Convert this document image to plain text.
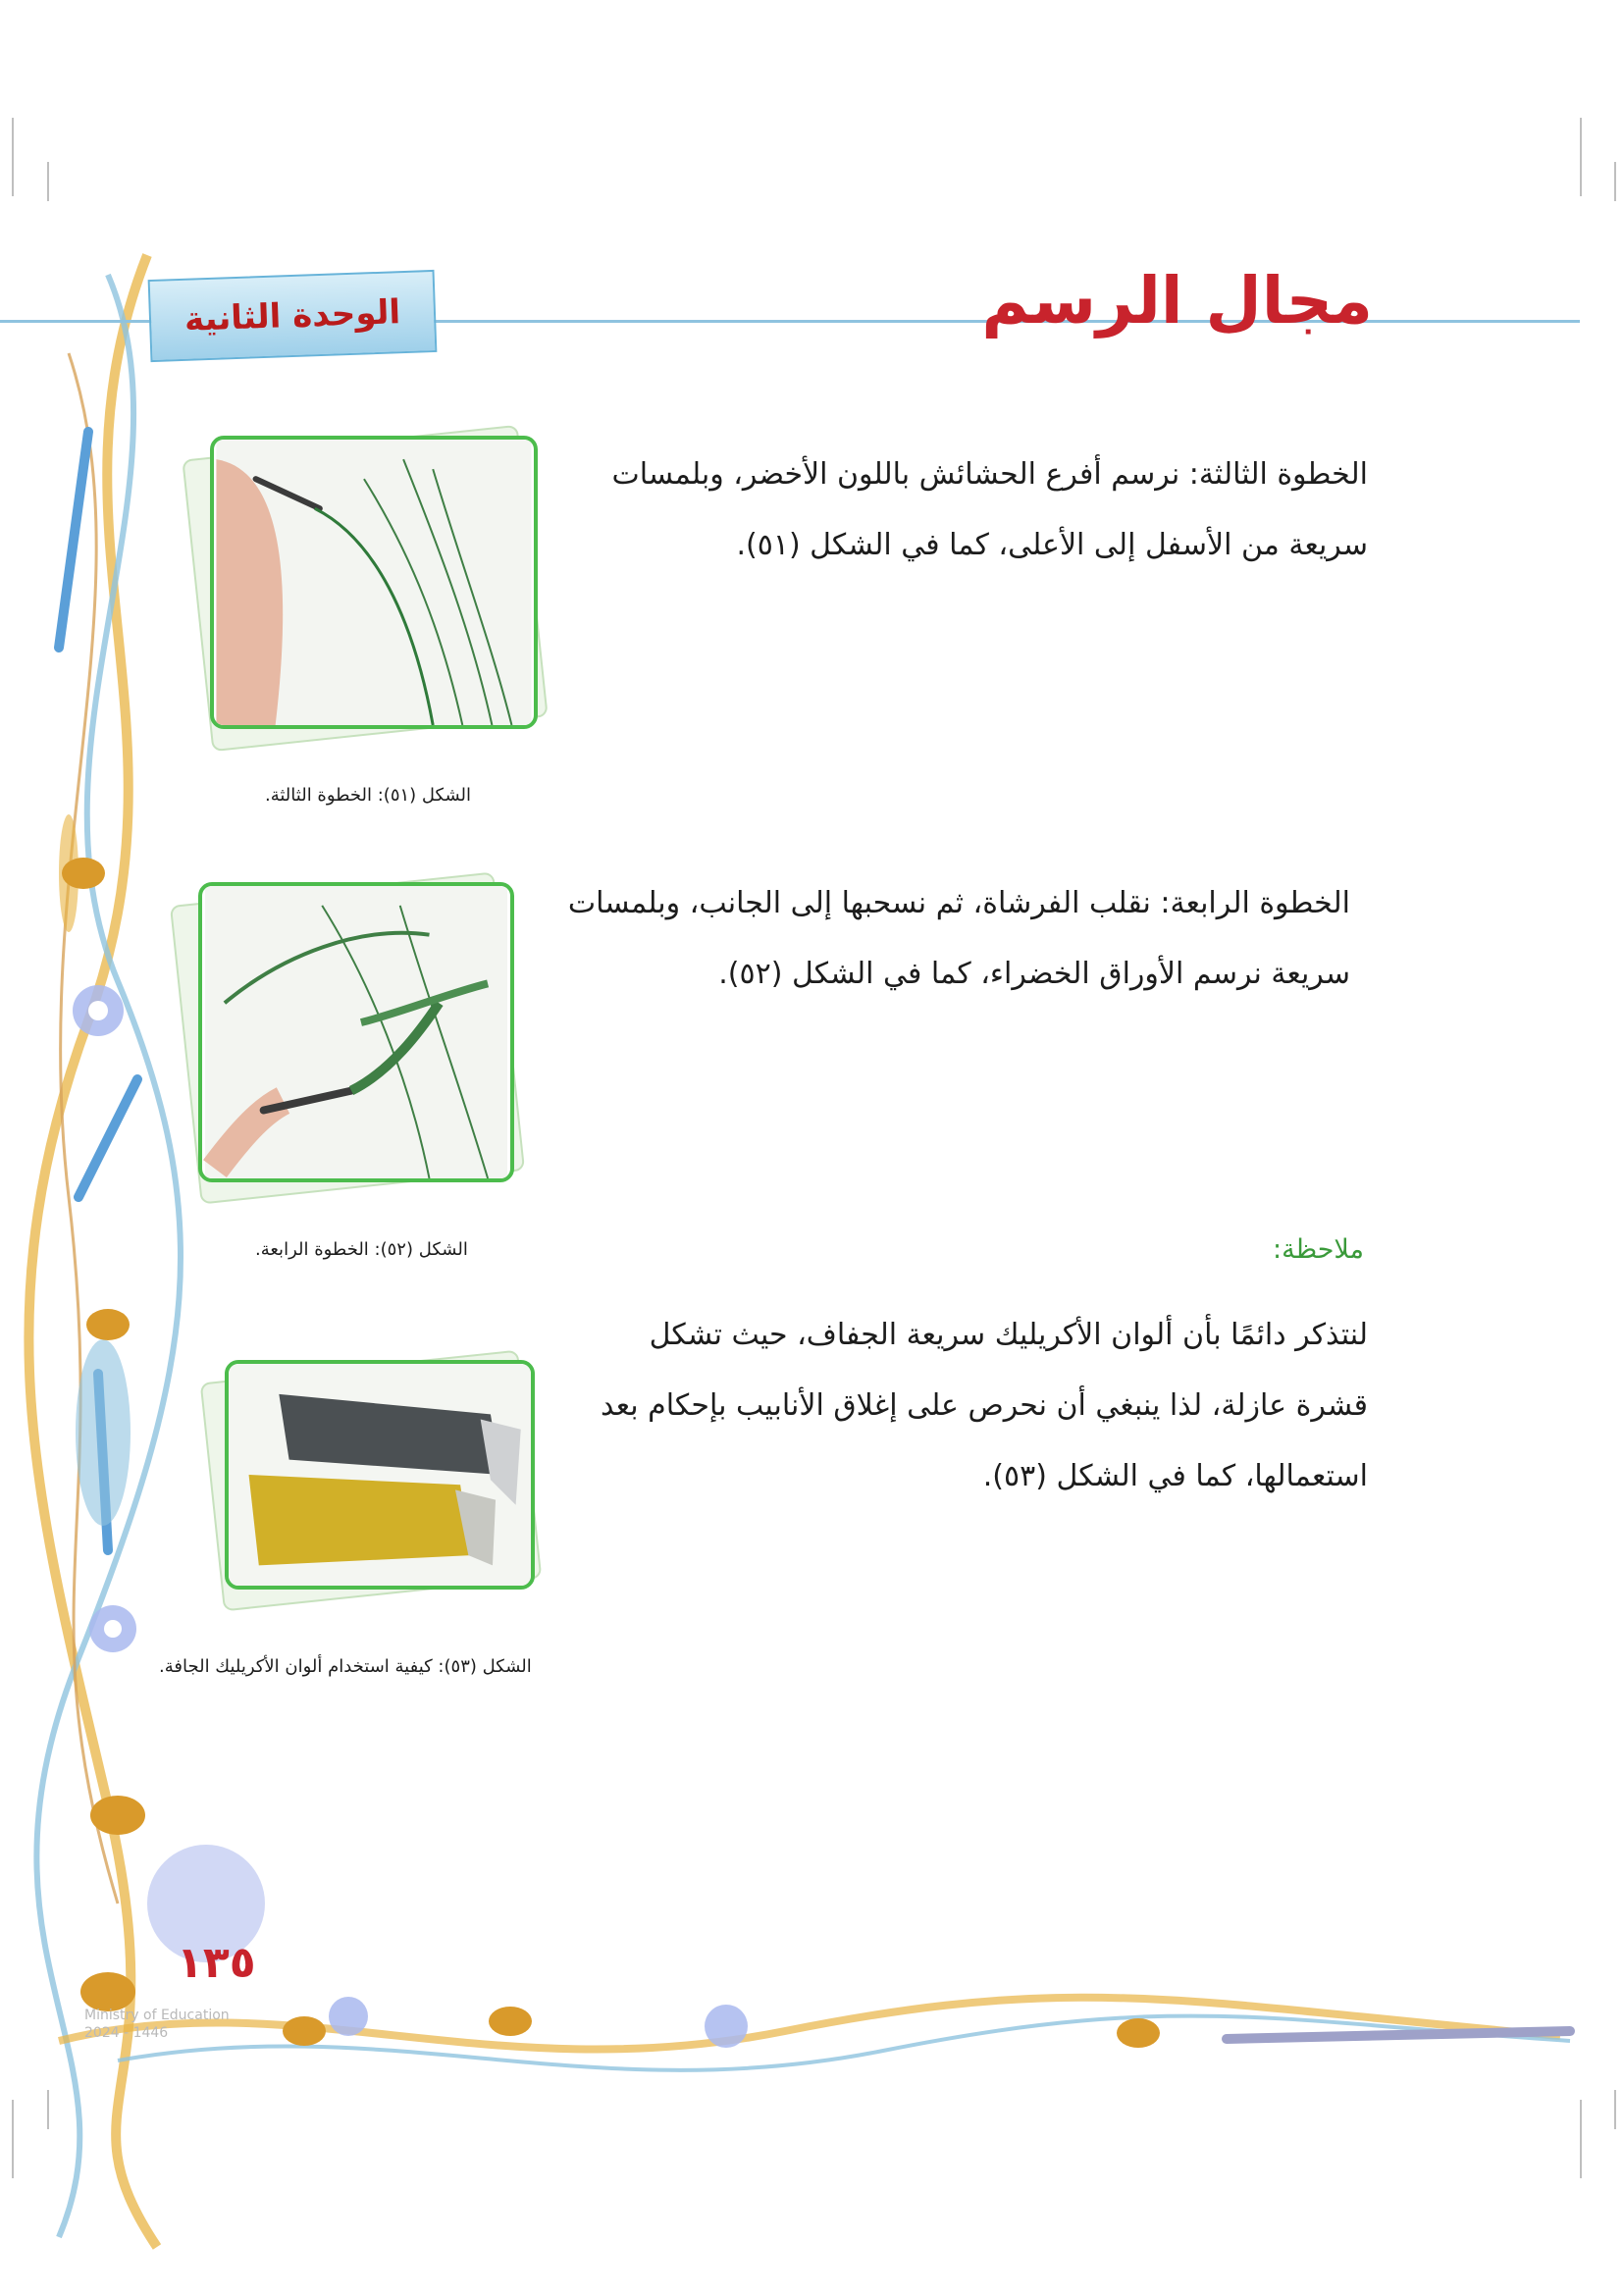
الوحدة الثانية	مجال الرسم
الخطوة الثالثة: نرسم أفرع الحشائش باللون الأخضر، وبلمسات
سريعة من الأسفل إلى الأعلى، كما في الشكل (٥١).
الشكل (٥١): الخطوة الثالثة.
الخطوة الرابعة: نقلب الفرشاة، ثم نسحبها إلى الجانب، وبلمسات
سريعة نرسم الأوراق الخضراء، كما في الشكل (٥٢).
الشكل (٥٢): الخطوة الرابعة.	ملاحظة:
لنتذكر دائمًا بأن ألوان الأكريليك سريعة الجفاف، حيث تشكل
قشرة عازلة، لذا ينبغي أن نحرص على إغلاق الأنابيب بإحكام بعد
استعمالها، كما في الشكل (٥٣).
الشكل (٥٣): كيفية استخدام ألوان الأكريليك الجافة.
١٣٥
Ministry of Education
2024 - 1446
